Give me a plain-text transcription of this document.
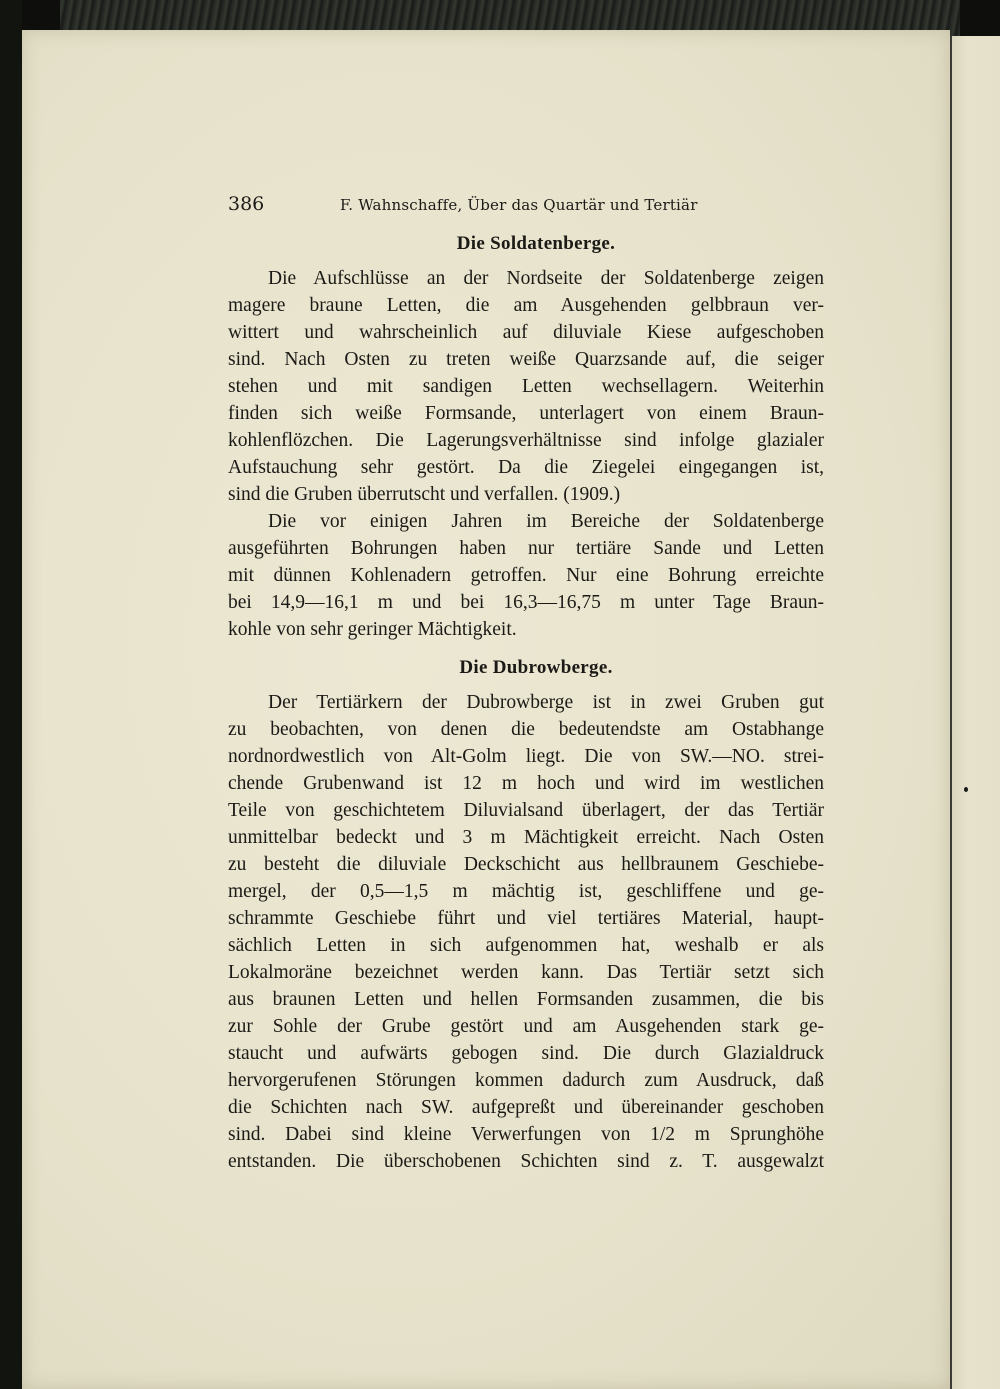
386	F. Wahnschaffe, Über das Quartär und Tertiär
Die Soldatenberge.
Die Aufschlüsse an der Nordseite der Soldatenberge zeigen
magere braune Letten, die am Ausgehenden gelbbraun ver-
wittert und wahrscheinlich auf diluviale Kiese aufgeschoben
sind. Nach Osten zu treten weiße Quarzsande auf, die seiger
stehen und mit sandigen Letten wechsellagern. Weiterhin
finden sich weiße Formsande, unterlagert von einem Braun-
kohlenflözchen. Die Lagerungsverhältnisse sind infolge glazialer
Aufstauchung sehr gestört. Da die Ziegelei eingegangen ist,
sind die Gruben überrutscht und verfallen. (1909.)
Die vor einigen Jahren im Bereiche der Soldatenberge
ausgeführten Bohrungen haben nur tertiäre Sande und Letten
mit dünnen Kohlenadern getroffen. Nur eine Bohrung erreichte
bei 14,9—16,1 m und bei 16,3—16,75 m unter Tage Braun-
kohle von sehr geringer Mächtigkeit.
Die Dubrowberge.
Der Tertiärkern der Dubrowberge ist in zwei Gruben gut
zu beobachten, von denen die bedeutendste am Ostabhange
nordnordwestlich von Alt-Golm liegt. Die von SW.—NO. strei-
chende Grubenwand ist 12 m hoch und wird im westlichen
Teile von geschichtetem Diluvialsand überlagert, der das Tertiär
unmittelbar bedeckt und 3 m Mächtigkeit erreicht. Nach Osten
zu besteht die diluviale Deckschicht aus hellbraunem Geschiebe-
mergel, der 0,5—1,5 m mächtig ist, geschliffene und ge-
schrammte Geschiebe führt und viel tertiäres Material, haupt-
sächlich Letten in sich aufgenommen hat, weshalb er als
Lokalmoräne bezeichnet werden kann. Das Tertiär setzt sich
aus braunen Letten und hellen Formsanden zusammen, die bis
zur Sohle der Grube gestört und am Ausgehenden stark ge-
staucht und aufwärts gebogen sind. Die durch Glazialdruck
hervorgerufenen Störungen kommen dadurch zum Ausdruck, daß
die Schichten nach SW. aufgepreßt und übereinander geschoben
sind. Dabei sind kleine Verwerfungen von 1/2 m Sprunghöhe
entstanden. Die überschobenen Schichten sind z. T. ausgewalzt
